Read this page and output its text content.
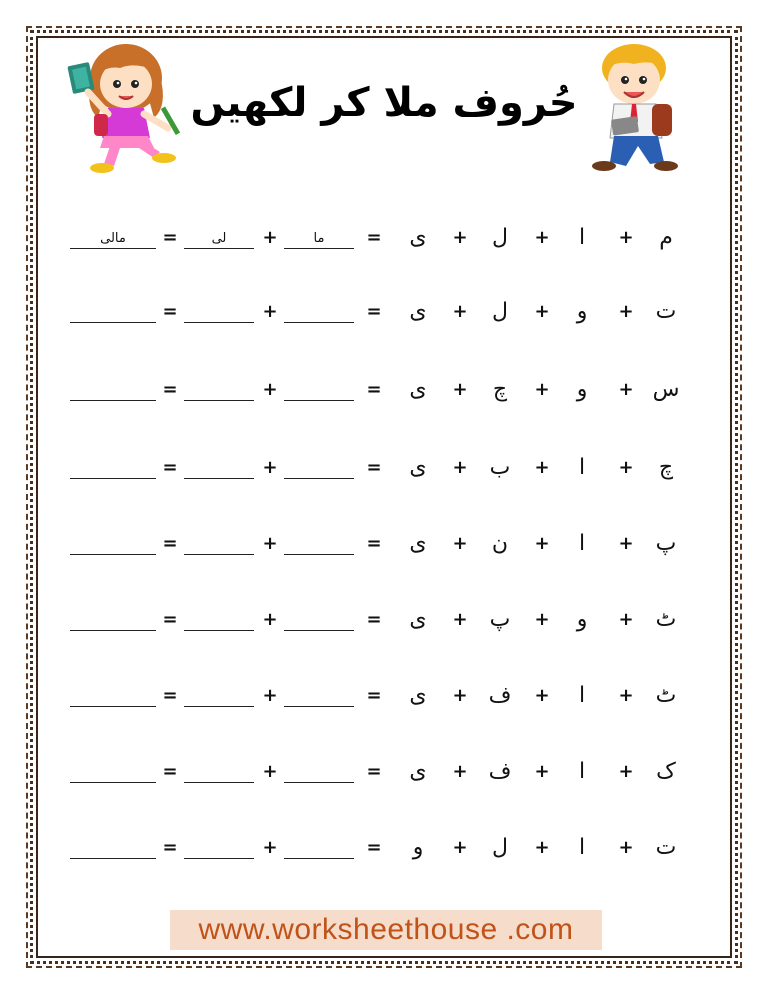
حُروف ملا کر لکھیں
م
+
ا
+
ل
+
ی
=
+
=	ما
لی
مالی
ت
+
و
+
ل
+
ی
=
+
=
س
+
و
+
چ
+
ی
=
+
=
چ
+
ا
+
ب
+
ی
=
+
=
پ
+
ا
+
ن
+
ی
=
+
=
ٹ
+
و
+
پ
+
ی
=
+
=
ٹ
+
ا
+
ف
+
ی
=
+
=
ک
+
ا
+
ف
+
ی
=
+
=
ت
+
ا
+
ل
+
و
=
+
=
www.worksheethouse .com
